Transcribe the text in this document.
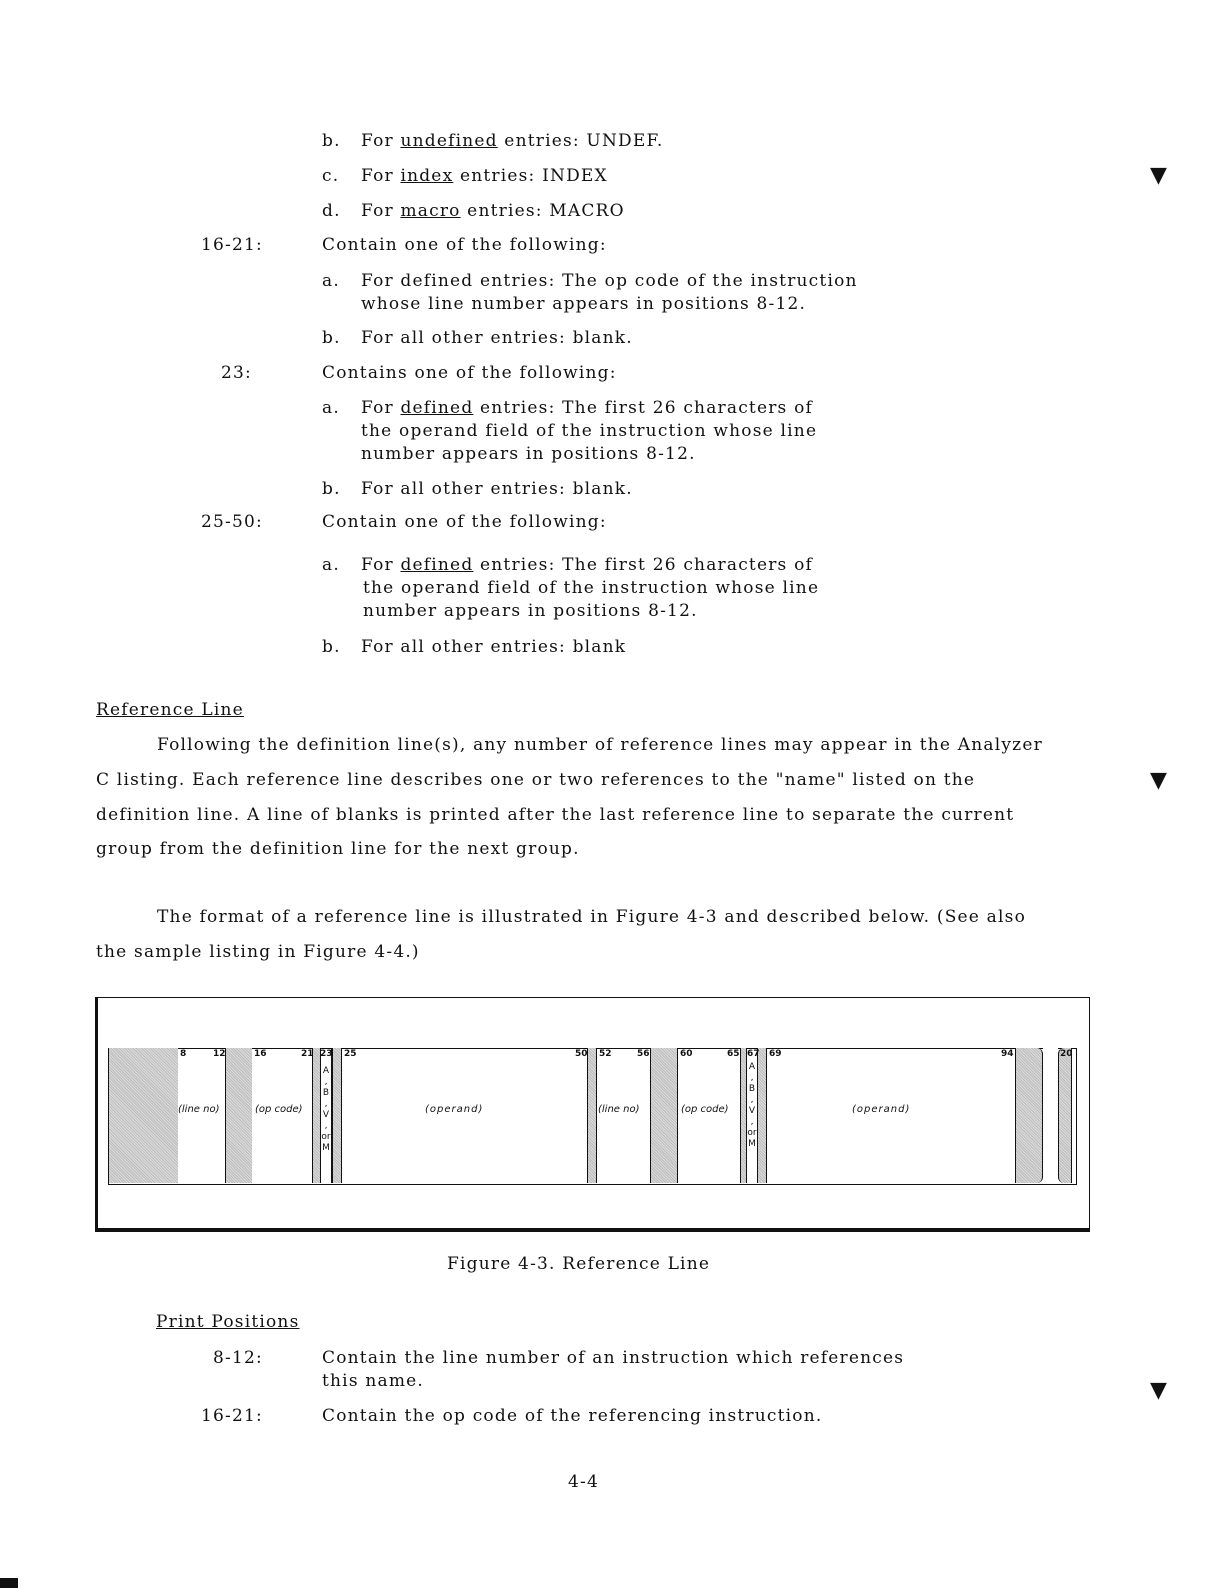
b. For undefined entries: UNDEF.
c. For index entries: INDEX
d. For macro entries: MACRO
16-21:	Contain one of the following:
a. For defined entries: The op code of the instruction
whose line number appears in positions 8-12.
b. For all other entries: blank.
23:	Contains one of the following:
a. For defined entries: The first 26 characters of
the operand field of the instruction whose line
number appears in positions 8-12.
b. For all other entries: blank.
25-50:	Contain one of the following:
a. For defined entries: The first 26 characters of
the operand field of the instruction whose line
number appears in positions 8-12.
b. For all other entries: blank
Reference Line
Following the definition line(s), any number of reference lines may appear in the Analyzer
C listing. Each reference line describes one or two references to the "name" listed on the
definition line. A line of blanks is printed after the last reference line to separate the current
group from the definition line for the next group.
The format of a reference line is illustrated in Figure 4-3 and described below. (See also
the sample listing in Figure 4-4.)
8	12	16	21 23 25	50 52	56	60	65 67 69	94	20
(line no)	(op code)	(operand)	(line no)	(op code)	(operand)
A
,
B
,
V
,
or
M
A
,
B
,
V
,
or
M
Figure 4-3. Reference Line
Print Positions
8-12:	Contain the line number of an instruction which references
this name.
16-21:	Contain the op code of the referencing instruction.
4-4
▼
▼
▼
